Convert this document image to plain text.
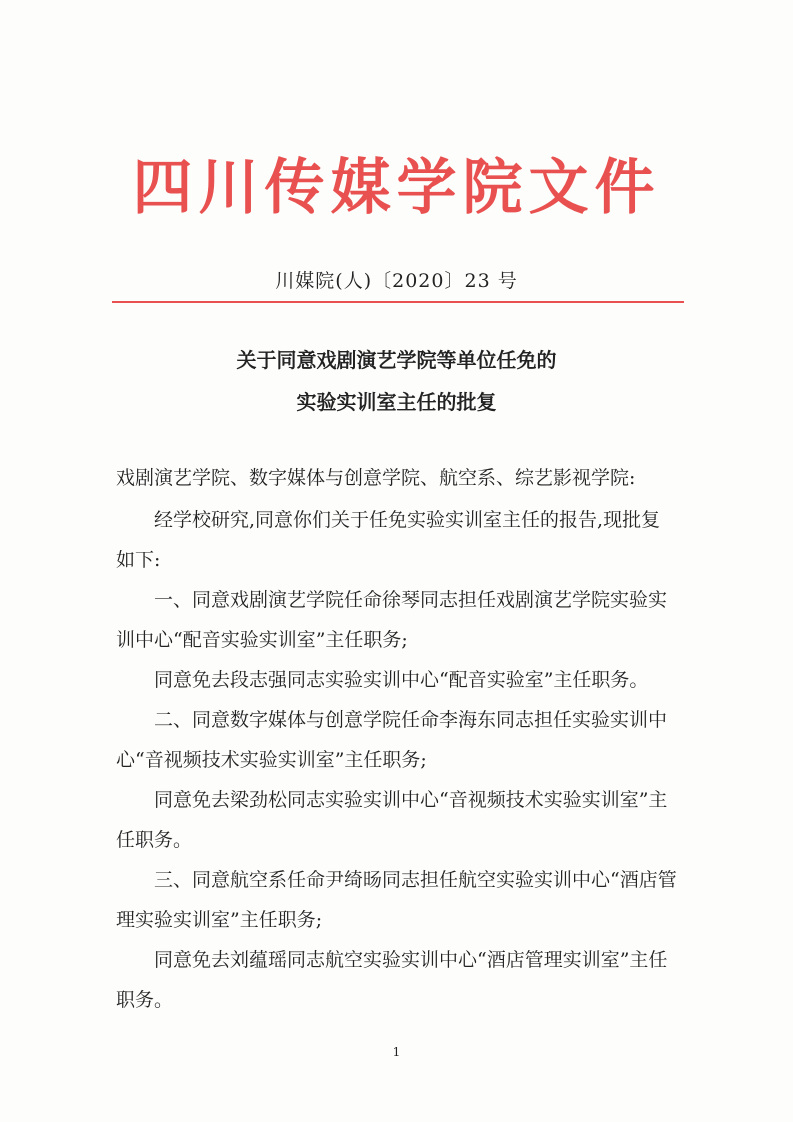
四川传媒学院文件
川媒院(人)〔2020〕23 号
关于同意戏剧演艺学院等单位任免的
实验实训室主任的批复
戏剧演艺学院、数字媒体与创意学院、航空系、综艺影视学院:

经学校研究,同意你们关于任免实验实训室主任的报告,现批复如下:

一、同意戏剧演艺学院任命徐琴同志担任戏剧演艺学院实验实训中心“配音实验实训室”主任职务;

同意免去段志强同志实验实训中心“配音实验室”主任职务。

二、同意数字媒体与创意学院任命李海东同志担任实验实训中心“音视频技术实验实训室”主任职务;

同意免去梁劲松同志实验实训中心“音视频技术实验实训室”主任职务。

三、同意航空系任命尹绮旸同志担任航空实验实训中心“酒店管理实验实训室”主任职务;

同意免去刘蕴瑶同志航空实验实训中心“酒店管理实训室”主任职务。

1
